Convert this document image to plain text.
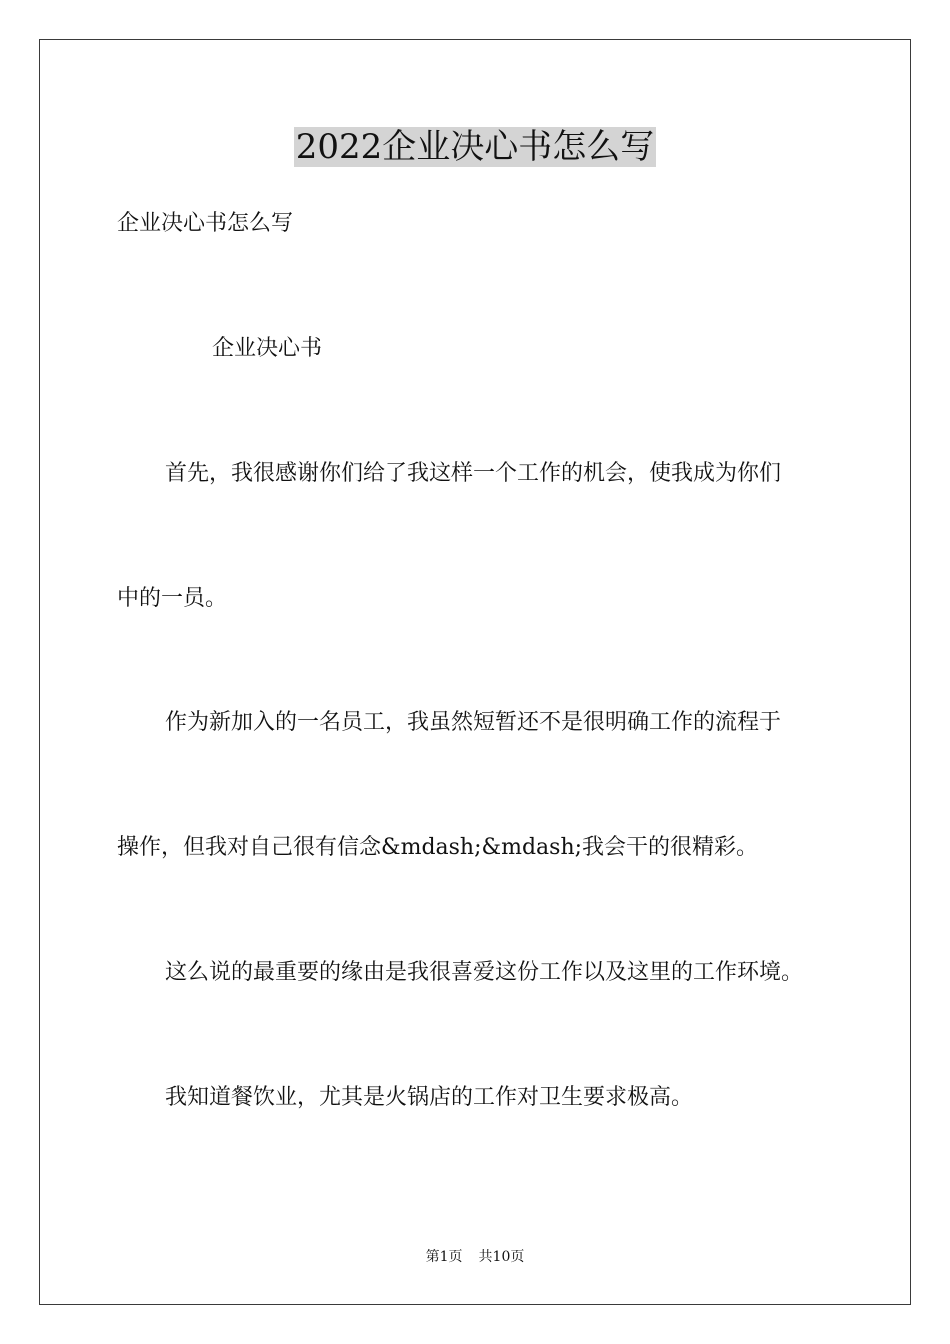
2022企业决心书怎么写

企业决心书怎么写

企业决心书

首先，我很感谢你们给了我这样一个工作的机会，使我成为你们

中的一员。

作为新加入的一名员工，我虽然短暂还不是很明确工作的流程于

操作，但我对自己很有信念&mdash;&mdash;我会干的很精彩。

这么说的最重要的缘由是我很喜爱这份工作以及这里的工作环境。

我知道餐饮业，尤其是火锅店的工作对卫生要求极高。

第1页 共10页
